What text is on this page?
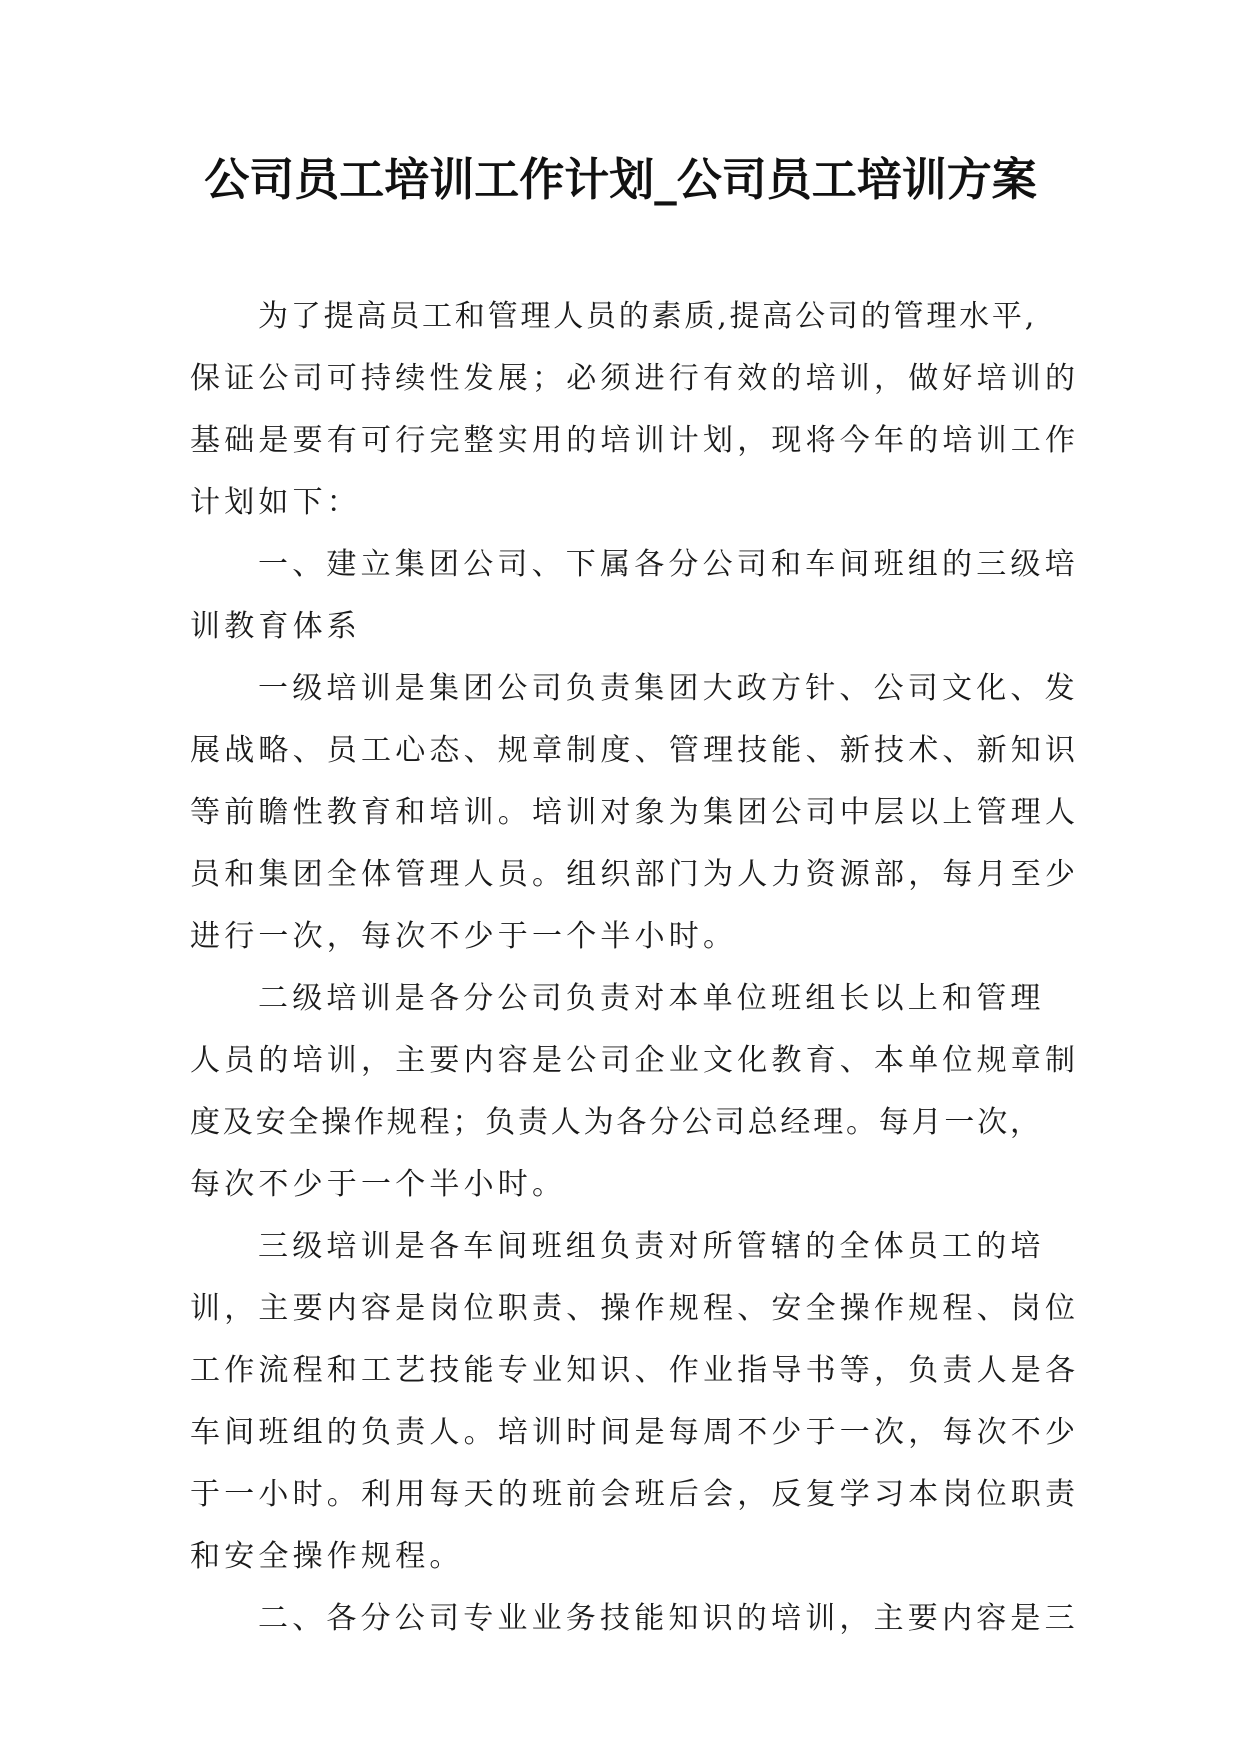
公司员工培训工作计划_公司员工培训方案
为了提高员工和管理人员的素质,提高公司的管理水平,
保证公司可持续性发展；必须进行有效的培训，做好培训的
基础是要有可行完整实用的培训计划，现将今年的培训工作
计划如下：
一、建立集团公司、下属各分公司和车间班组的三级培
训教育体系
一级培训是集团公司负责集团大政方针、公司文化、发
展战略、员工心态、规章制度、管理技能、新技术、新知识
等前瞻性教育和培训。培训对象为集团公司中层以上管理人
员和集团全体管理人员。组织部门为人力资源部，每月至少
进行一次，每次不少于一个半小时。
二级培训是各分公司负责对本单位班组长以上和管理
人员的培训，主要内容是公司企业文化教育、本单位规章制
度及安全操作规程；负责人为各分公司总经理。每月一次，
每次不少于一个半小时。
三级培训是各车间班组负责对所管辖的全体员工的培
训，主要内容是岗位职责、操作规程、安全操作规程、岗位
工作流程和工艺技能专业知识、作业指导书等，负责人是各
车间班组的负责人。培训时间是每周不少于一次，每次不少
于一小时。利用每天的班前会班后会，反复学习本岗位职责
和安全操作规程。
二、各分公司专业业务技能知识的培训，主要内容是三
